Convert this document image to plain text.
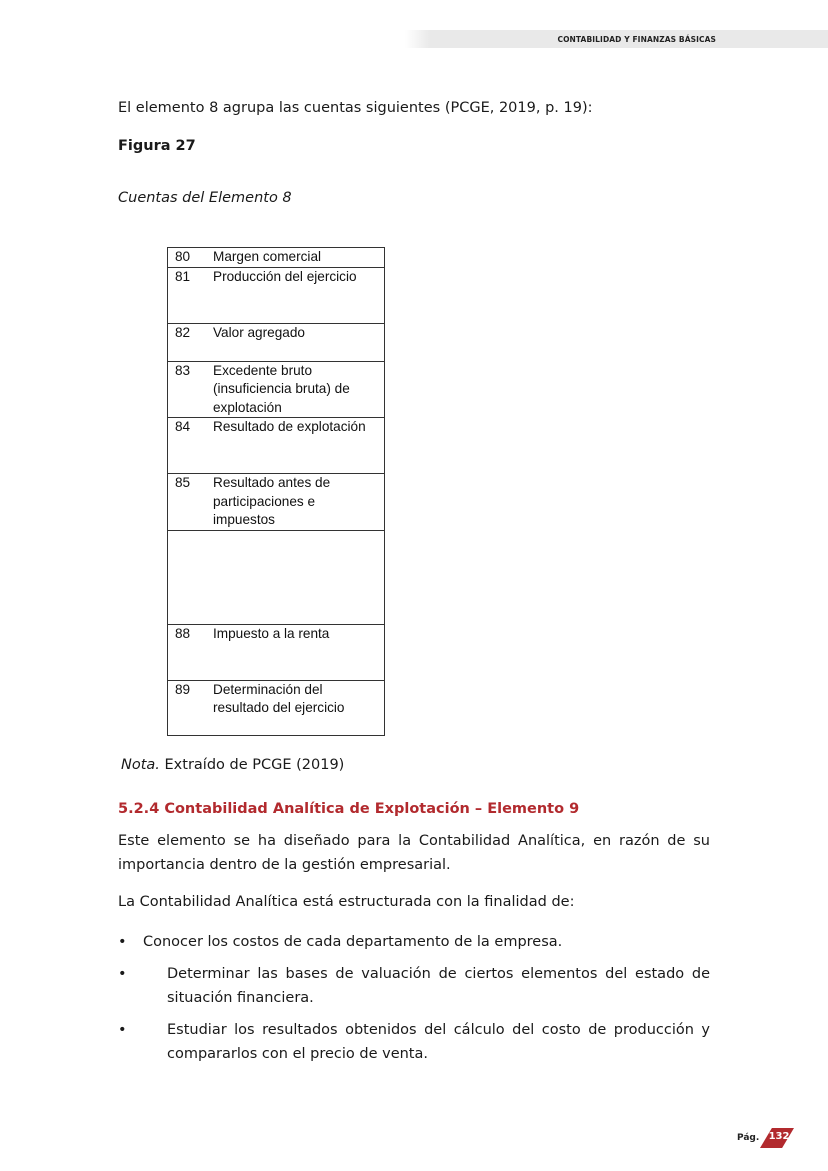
CONTABILIDAD Y FINANZAS BÁSICAS
El elemento 8 agrupa las cuentas siguientes (PCGE, 2019, p. 19):
Figura 27
Cuentas del Elemento 8
80	Margen comercial
81	Producción del ejercicio
82	Valor agregado
83	Excedente bruto (insuficiencia bruta) de explotación
84	Resultado de explotación
85	Resultado antes de participaciones e impuestos

88	Impuesto a la renta
89	Determinación del resultado del ejercicio
Nota. Extraído de PCGE (2019)
5.2.4 Contabilidad Analítica de Explotación – Elemento 9
Este elemento se ha diseñado para la Contabilidad Analítica, en razón de su importancia dentro de la gestión empresarial.
La Contabilidad Analítica está estructurada con la finalidad de:
• Conocer los costos de cada departamento de la empresa.
•	Determinar las bases de valuación de ciertos elementos del estado de situación financiera.
•	Estudiar los resultados obtenidos del cálculo del costo de producción y compararlos con el precio de venta.
Pág. 132
